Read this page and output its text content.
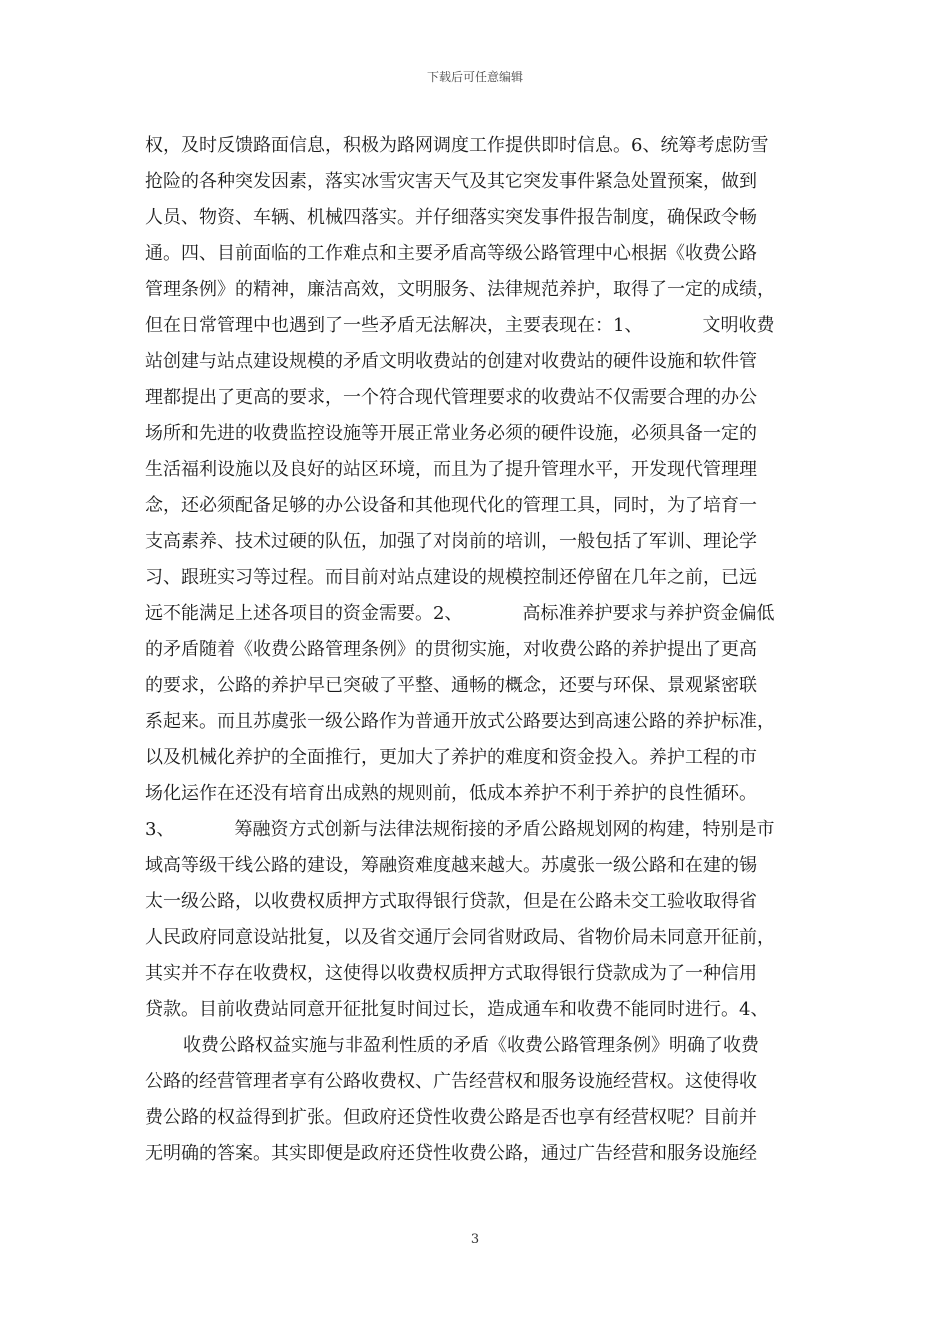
下载后可任意编辑
权，及时反馈路面信息，积极为路网调度工作提供即时信息。6、统筹考虑防雪
抢险的各种突发因素，落实冰雪灾害天气及其它突发事件紧急处置预案，做到
人员、物资、车辆、机械四落实。并仔细落实突发事件报告制度，确保政令畅
通。四、目前面临的工作难点和主要矛盾高等级公路管理中心根据《收费公路
管理条例》的精神，廉洁高效，文明服务、法律规范养护，取得了一定的成绩，
但在日常管理中也遇到了一些矛盾无法解决，主要表现在：1、	文明收费
站创建与站点建设规模的矛盾文明收费站的创建对收费站的硬件设施和软件管
理都提出了更高的要求，一个符合现代管理要求的收费站不仅需要合理的办公
场所和先进的收费监控设施等开展正常业务必须的硬件设施，必须具备一定的
生活福利设施以及良好的站区环境，而且为了提升管理水平，开发现代管理理
念，还必须配备足够的办公设备和其他现代化的管理工具，同时，为了培育一
支高素养、技术过硬的队伍，加强了对岗前的培训，一般包括了军训、理论学
习、跟班实习等过程。而目前对站点建设的规模控制还停留在几年之前，已远
远不能满足上述各项目的资金需要。2、	高标准养护要求与养护资金偏低
的矛盾随着《收费公路管理条例》的贯彻实施，对收费公路的养护提出了更高
的要求，公路的养护早已突破了平整、通畅的概念，还要与环保、景观紧密联
系起来。而且苏虞张一级公路作为普通开放式公路要达到高速公路的养护标准，
以及机械化养护的全面推行，更加大了养护的难度和资金投入。养护工程的市
场化运作在还没有培育出成熟的规则前，低成本养护不利于养护的良性循环。
3、	筹融资方式创新与法律法规衔接的矛盾公路规划网的构建，特别是市
域高等级干线公路的建设，筹融资难度越来越大。苏虞张一级公路和在建的锡
太一级公路，以收费权质押方式取得银行贷款，但是在公路未交工验收取得省
人民政府同意设站批复，以及省交通厅会同省财政局、省物价局未同意开征前，
其实并不存在收费权，这使得以收费权质押方式取得银行贷款成为了一种信用
贷款。目前收费站同意开征批复时间过长，造成通车和收费不能同时进行。4、
收费公路权益实施与非盈利性质的矛盾《收费公路管理条例》明确了收费
公路的经营管理者享有公路收费权、广告经营权和服务设施经营权。这使得收
费公路的权益得到扩张。但政府还贷性收费公路是否也享有经营权呢？目前并
无明确的答案。其实即便是政府还贷性收费公路，通过广告经营和服务设施经
3
